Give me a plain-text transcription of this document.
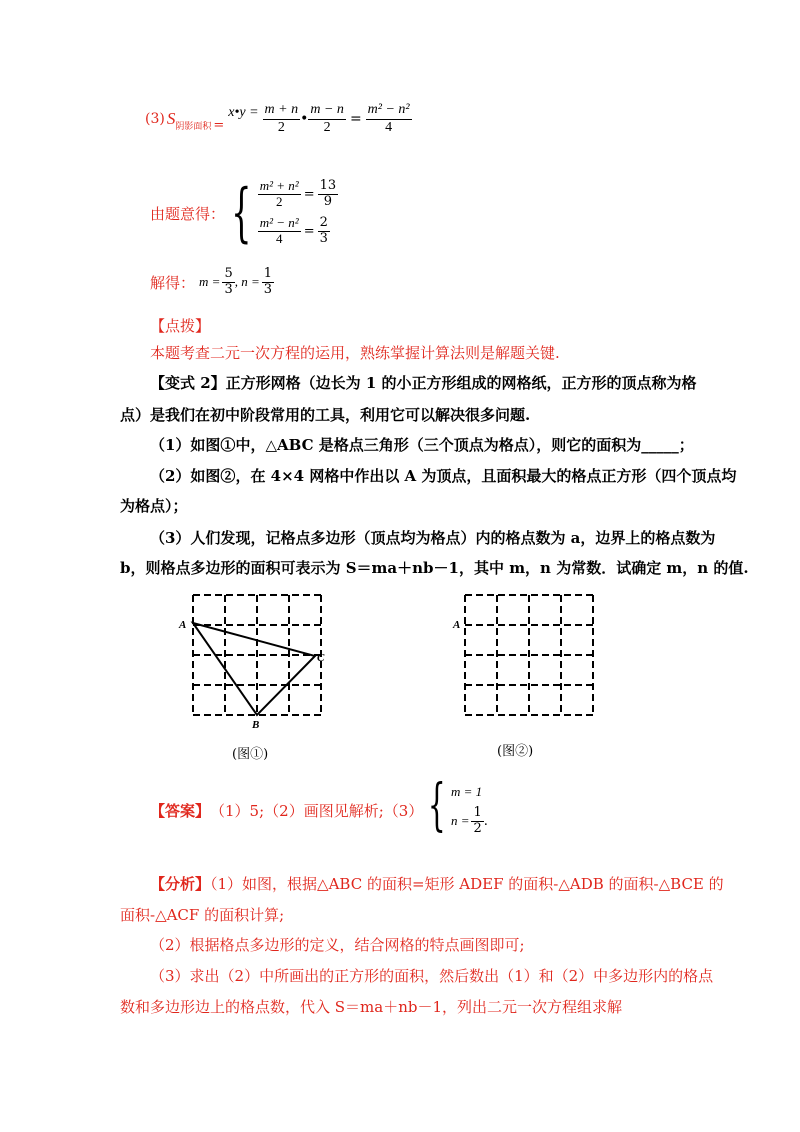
(3) S 阴影面积 =
x•y = $\frac{m + n}{2}$ • $\frac{m - n}{2} = \frac{\text{m² − n²}}{4}$
由题意得： { $\frac{\text{m² + n²}}{2} = \frac{13}{9}$
$\frac{\text{m² − n²}}{4} = \frac{2}{3}$
解得： $m = \frac{5}{3}$ , $n = \frac{1}{3}$
【点拨】
本题考查二元一次方程的运用，熟练掌握计算法则是解题关键.
【变式 2】正方形网格（边长为 1 的小正方形组成的网格纸，正方形的顶点称为格
点）是我们在初中阶段常用的工具，利用它可以解决很多问题.
（1）如图①中，△ABC 是格点三角形（三个顶点为格点），则它的面积为_____；
（2）如图②，在 4×4 网格中作出以 A 为顶点，且面积最大的格点正方形（四个顶点均
为格点）；
（3）人们发现，记格点多边形（顶点均为格点）内的格点数为 a，边界上的格点数为
b，则格点多边形的面积可表示为 S＝ma＋nb－1，其中 m，n 为常数．试确定 m，n 的值.
A
C
B
(图①)
A
(图②)
【答案】 （1）5;（2）画图见解析;（3） { m = 1
$n = \frac{1}{2}$ .
【分析】（1）如图，根据△ABC 的面积=矩形 ADEF 的面积-△ADB 的面积-△BCE 的
面积-△ACF 的面积计算;
（2）根据格点多边形的定义，结合网格的特点画图即可;
（3）求出（2）中所画出的正方形的面积，然后数出（1）和（2）中多边形内的格点
数和多边形边上的格点数，代入 S＝ma＋nb－1，列出二元一次方程组求解
